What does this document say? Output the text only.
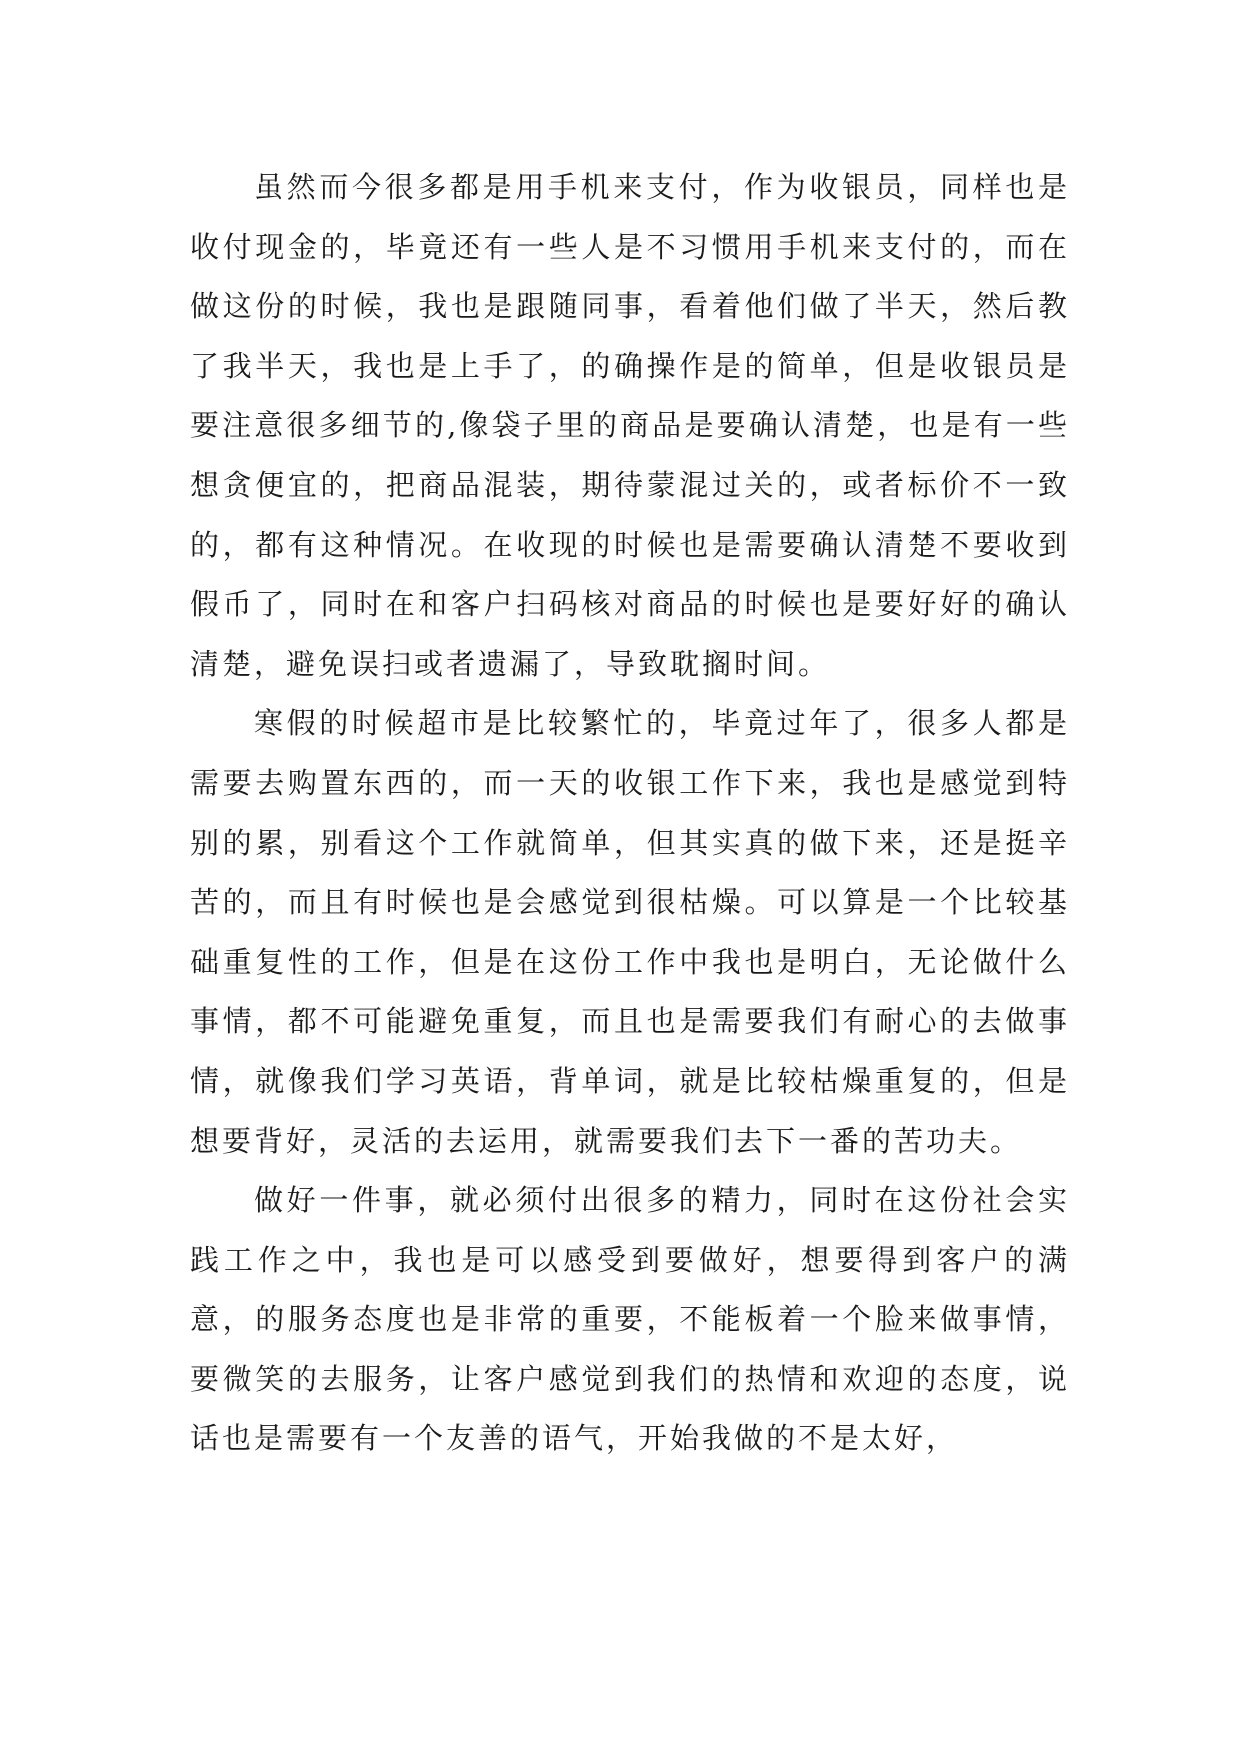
虽然而今很多都是用手机来支付，作为收银员，同样也是收付现金的，毕竟还有一些人是不习惯用手机来支付的，而在做这份的时候，我也是跟随同事，看着他们做了半天，然后教了我半天，我也是上手了，的确操作是的简单，但是收银员是要注意很多细节的,像袋子里的商品是要确认清楚，也是有一些想贪便宜的，把商品混装，期待蒙混过关的，或者标价不一致的，都有这种情况。在收现的时候也是需要确认清楚不要收到假币了，同时在和客户扫码核对商品的时候也是要好好的确认清楚，避免误扫或者遗漏了，导致耽搁时间。

寒假的时候超市是比较繁忙的，毕竟过年了，很多人都是需要去购置东西的，而一天的收银工作下来，我也是感觉到特别的累，别看这个工作就简单，但其实真的做下来，还是挺辛苦的，而且有时候也是会感觉到很枯燥。可以算是一个比较基础重复性的工作，但是在这份工作中我也是明白，无论做什么事情，都不可能避免重复，而且也是需要我们有耐心的去做事情，就像我们学习英语，背单词，就是比较枯燥重复的，但是想要背好，灵活的去运用，就需要我们去下一番的苦功夫。

做好一件事，就必须付出很多的精力，同时在这份社会实践工作之中，我也是可以感受到要做好，想要得到客户的满意，的服务态度也是非常的重要，不能板着一个脸来做事情，要微笑的去服务，让客户感觉到我们的热情和欢迎的态度，说话也是需要有一个友善的语气，开始我做的不是太好，
